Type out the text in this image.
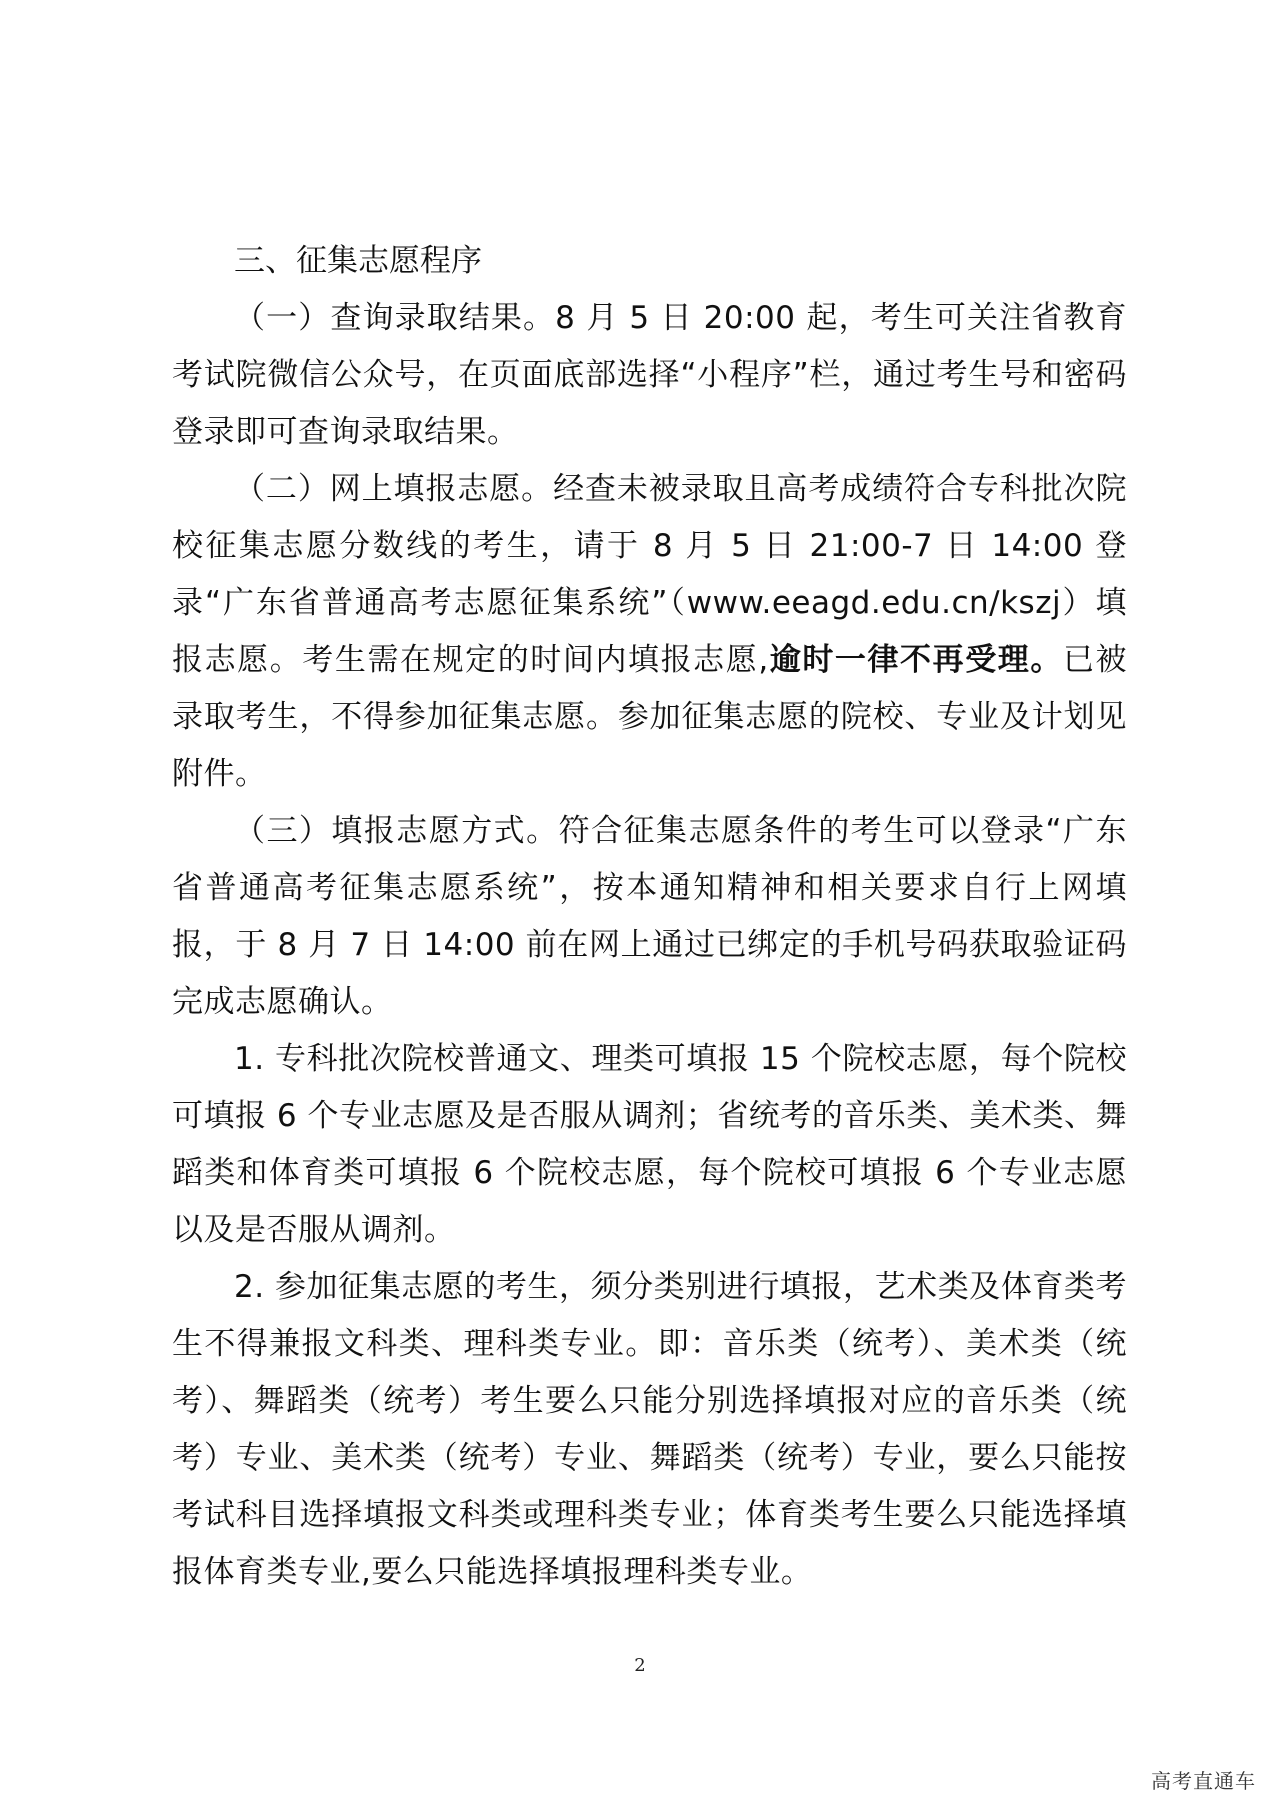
三、征集志愿程序

（一）查询录取结果。8 月 5 日 20:00 起，考生可关注省教育考试院微信公众号，在页面底部选择“小程序”栏，通过考生号和密码登录即可查询录取结果。

（二）网上填报志愿。经查未被录取且高考成绩符合专科批次院校征集志愿分数线的考生，请于 8 月 5 日 21:00-7 日 14:00 登录“广东省普通高考志愿征集系统”（www.eeagd.edu.cn/kszj）填报志愿。考生需在规定的时间内填报志愿,逾时一律不再受理。已被录取考生，不得参加征集志愿。参加征集志愿的院校、专业及计划见附件。

（三）填报志愿方式。符合征集志愿条件的考生可以登录“广东省普通高考征集志愿系统”，按本通知精神和相关要求自行上网填报，于 8 月 7 日 14:00 前在网上通过已绑定的手机号码获取验证码完成志愿确认。

1. 专科批次院校普通文、理类可填报 15 个院校志愿，每个院校可填报 6 个专业志愿及是否服从调剂；省统考的音乐类、美术类、舞蹈类和体育类可填报 6 个院校志愿，每个院校可填报 6 个专业志愿以及是否服从调剂。

2. 参加征集志愿的考生，须分类别进行填报，艺术类及体育类考生不得兼报文科类、理科类专业。即：音乐类（统考）、美术类（统考）、舞蹈类（统考）考生要么只能分别选择填报对应的音乐类（统考）专业、美术类（统考）专业、舞蹈类（统考）专业，要么只能按考试科目选择填报文科类或理科类专业；体育类考生要么只能选择填报体育类专业,要么只能选择填报理科类专业。

2
高考直通车
